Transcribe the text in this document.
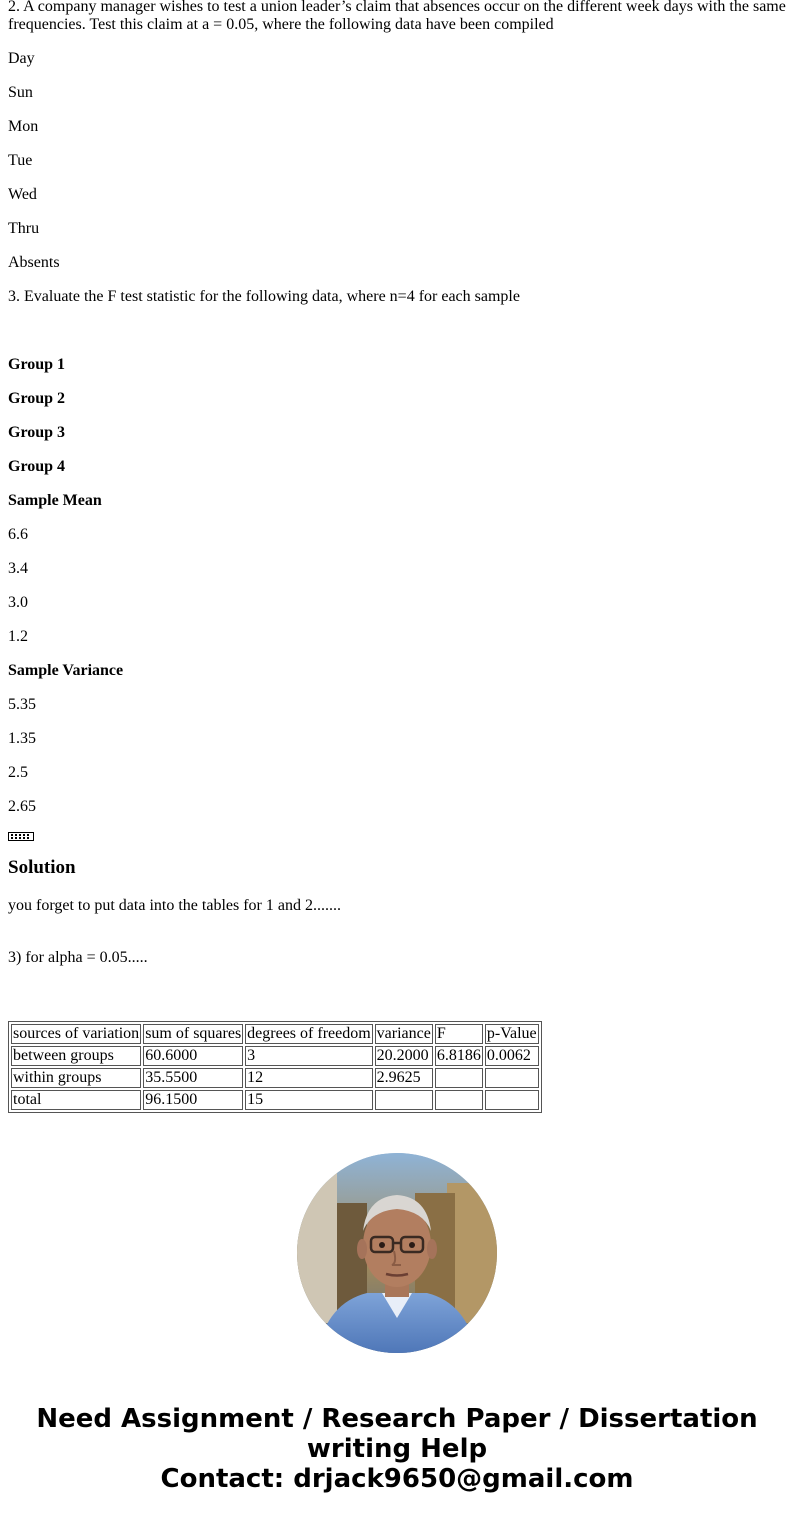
2. A company manager wishes to test a union leader’s claim that absences occur on the different week days with the same frequencies. Test this claim at a = 0.05, where the following data have been compiled

Day

Sun

Mon

Tue

Wed

Thru

Absents

3. Evaluate the F test statistic for the following data, where n=4 for each sample

Group 1

Group 2

Group 3

Group 4

Sample Mean

6.6

3.4

3.0

1.2

Sample Variance

5.35

1.35

2.5

2.65

Solution

you forget to put data into the tables for 1 and 2.......

3) for alpha = 0.05.....

sources of variation	sum of squares	degrees of freedom	variance	F	p-Value
between groups	60.6000	3	20.2000	6.8186	0.0062
within groups	35.5500	12	2.9625		
total	96.1500	15			
Need Assignment / Research Paper / Dissertation
writing Help
Contact: drjack9650@gmail.com
